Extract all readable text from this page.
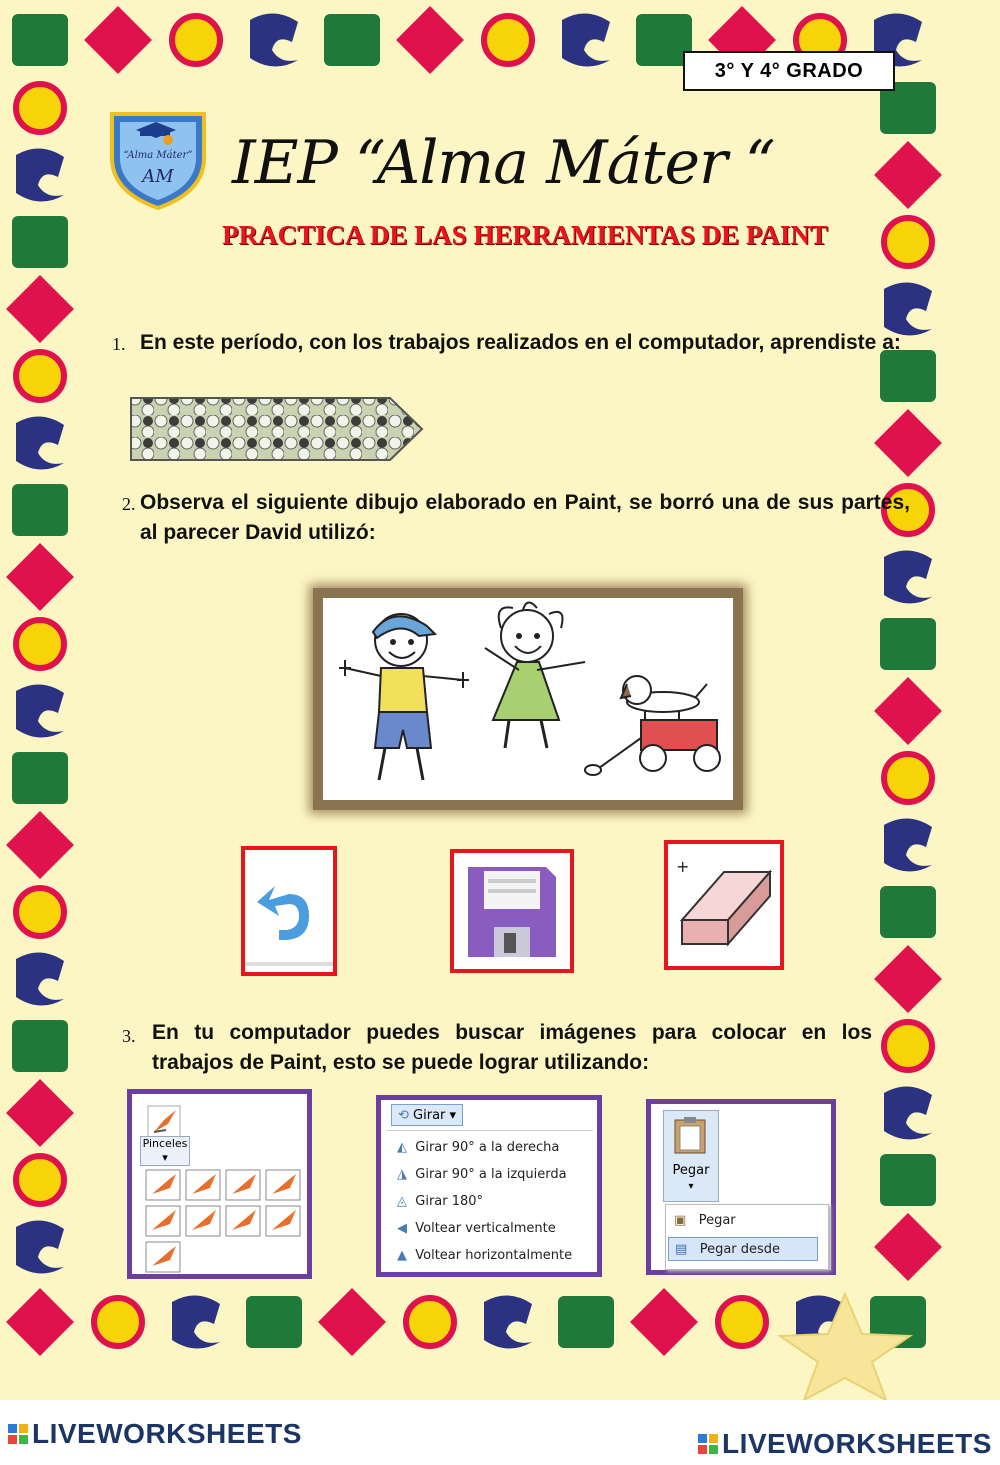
3° Y 4° GRADO
“Alma Máter”
AM IEP “Alma Máter “
PRACTICA DE LAS HERRAMIENTAS DE PAINT
1. En este período, con los trabajos realizados en el computador, aprendiste a:
2. Observa el siguiente dibujo elaborado en Paint, se borró una de sus partes, al parecer David utilizó:
+
3. En tu computador puedes buscar imágenes para colocar en los trabajos de Paint, esto se puede lograr utilizando:
Pinceles
▾
⟲ Girar ▾
◭ Girar 90° a la derecha
◮ Girar 90° a la izquierda
◬ Girar 180°
◀ Voltear verticalmente
▲ Voltear horizontalmente
Pegar
▾
▣ Pegar
▤ Pegar desde
LIVEWORKSHEETS	LIVEWORKSHEETS
